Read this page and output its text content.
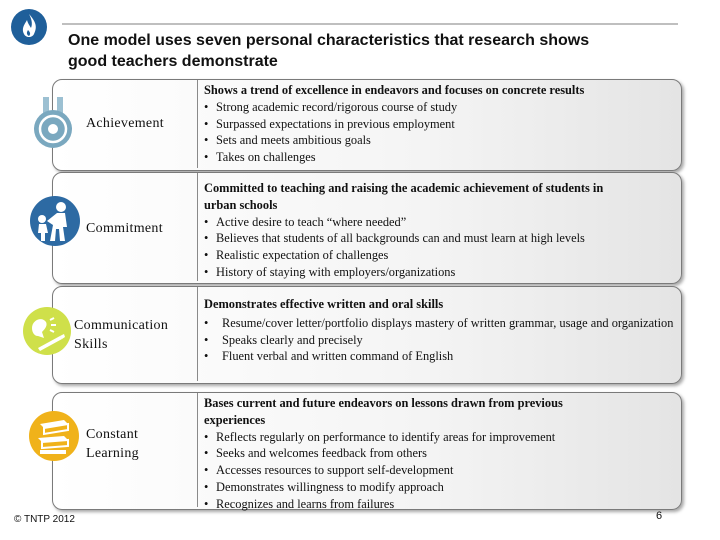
One model uses seven personal characteristics that research shows
good teachers demonstrate
Achievement
Shows a trend of excellence in endeavors and focuses on concrete results
• Strong academic record/rigorous course of study
• Surpassed expectations in previous employment
• Sets and meets ambitious goals
• Takes on challenges
Commitment
Committed to teaching and raising the academic achievement of students in
urban schools
• Active desire to teach “where needed”
• Believes that students of all backgrounds can and must learn at high levels
• Realistic expectation of challenges
• History of staying with employers/organizations
Communication
Skills
Demonstrates effective written and oral skills
• Resume/cover letter/portfolio displays mastery of written grammar, usage and organization
• Speaks clearly and precisely
• Fluent verbal and written command of English
Constant
Learning
Bases current and future endeavors on lessons drawn from previous
experiences
• Reflects regularly on performance to identify areas for improvement
• Seeks and welcomes feedback from others
• Accesses resources to support self-development
• Demonstrates willingness to modify approach
• Recognizes and learns from failures
© TNTP 2012	6
